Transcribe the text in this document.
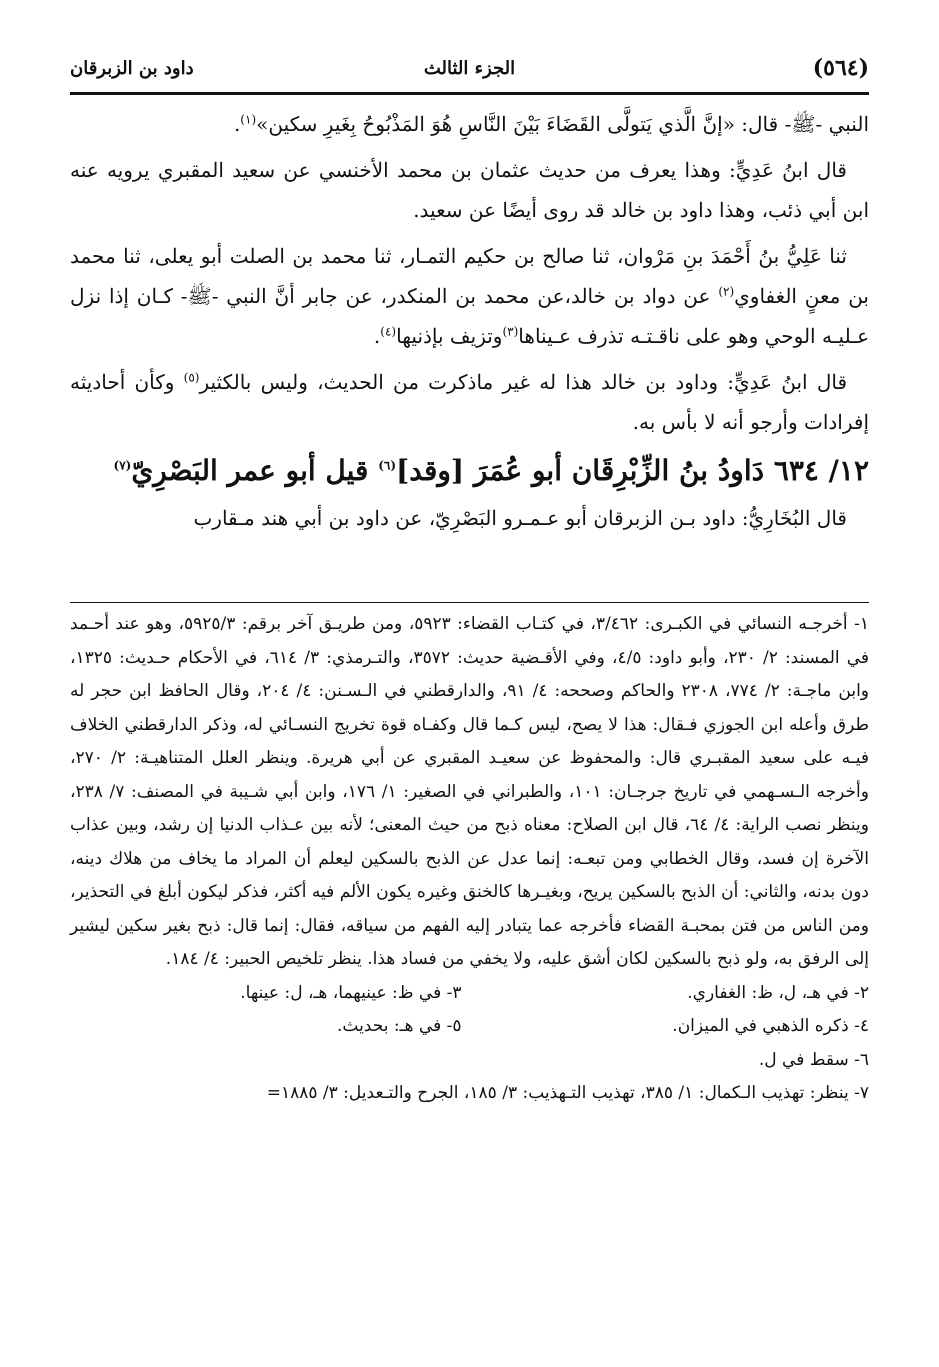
(٥٦٤)
الجزء الثالث
داود بن الزبرقان

النبي -ﷺ- قال: «إنَّ الَّذي يَتولَّى القَضَاءَ بَيْنَ النَّاسِ هُوَ المَذْبُوحُ بِغَيرِ سكين»$^{(١)}$.

قال ابنُ عَدِيٍّ: وهذا يعرف من حديث عثمان بن محمد الأخنسي عن سعيد المقبري يرويه عنه ابن أبي ذئب، وهذا داود بن خالد قد روى أيضًا عن سعيد.

ثنا عَلِيُّ بنُ أَحْمَدَ بنِ مَرْوان، ثنا صالح بن حكيم التمـار، ثنا محمد بن الصلت أبو يعلى، ثنا محمد بن معنٍ الغفاوي$^{(٢)}$ عن دواد بن خالد،عن محمد بن المنكدر، عن جابر أنَّ النبي -ﷺ- كـان إذا نزل عـليـه الوحي وهو على ناقـتـه تذرف عـيناها$^{(٣)}$وتزيف بإذنيها$^{(٤)}$.

قال ابنُ عَدِيٍّ: وداود بن خالد هذا له غير ماذكرت من الحديث، وليس بالكثير$^{(٥)}$ وكأن أحاديثه إفرادات وأرجو أنه لا بأس به.

١٢/ ٦٣٤ دَاودُ بنُ الزِّبْرِقَان أبو عُمَرَ [وقد]$^{(٦)}$ قيل أبو عمر البَصْرِيّ$^{(٧)}$

قال البُخَارِيُّ: داود بـن الزبرقان أبو عـمـرو البَصْرِيّ، عن داود بن أبي هند مـقارب

١- أخرجـه النسائي في الكبـرى: ٣/٤٦٢، في كتـاب القضاء: ٥٩٢٣، ومن طريـق آخر برقم: ٥٩٢٥/٣، وهو عند أحـمد في المسند: ٢/ ٢٣٠، وأبو داود: ٤/٥، وفي الأقـضية حديث: ٣٥٧٢، والتـرمذي: ٣/ ٦١٤، في الأحكام حـديث: ١٣٢٥، وابن ماجـة: ٢/ ٧٧٤، ٢٣٠٨ والحاكم وصححه: ٤/ ٩١، والدارقطني في الـسـنن: ٤/ ٢٠٤، وقال الحافظ ابن حجر له طرق وأعله ابن الجوزي فـقال: هذا لا يصح، ليس كـما قال وكفـاه قوة تخريج النسـائي له، وذكر الدارقطني الخلاف فيـه على سعيد المقبـري قال: والمحفوظ عن سعيـد المقبري عن أبي هريرة. وينظر العلل المتناهيـة: ٢/ ٢٧٠، وأخرجه الـسـهمي في تاريخ جرجـان: ١٠١، والطبراني في الصغير: ١/ ١٧٦، وابن أبي شـيبة في المصنف: ٧/ ٢٣٨، وينظر نصب الراية: ٤/ ٦٤، قال ابن الصلاح: معناه ذبح من حيث المعنى؛ لأنه بين عـذاب الدنيا إن رشد، وبين عذاب الآخرة إن فسد، وقال الخطابي ومن تبعـه: إنما عدل عن الذبح بالسكين ليعلم أن المراد ما يخاف من هلاك دينه، دون بدنه، والثاني: أن الذبح بالسكين يريح، وبغيـرها كالخنق وغيره يكون الألم فيه أكثر، فذكر ليكون أبلغ في التحذير، ومن الناس من فتن بمحبـة القضاء فأخرجه عما يتبادر إليه الفهم من سياقه، فقال: إنما قال: ذبح بغير سكين ليشير إلى الرفق به، ولو ذبح بالسكين لكان أشق عليه، ولا يخفي من فساد هذا. ينظر تلخيص الحبير: ٤/ ١٨٤.

٢- في هـ، ل، ظ: الغفاري.
٣- في ظ: عينيهما، هـ، ل: عينها.
٤- ذكره الذهبي في الميزان.
٥- في هـ: بحديث.

٦- سقط في ل.

٧- ينظر: تهذيب الـكمال: ١/ ٣٨٥، تهذيب التـهذيب: ٣/ ١٨٥، الجرح والتـعديل: ٣/ ١٨٨٥=
